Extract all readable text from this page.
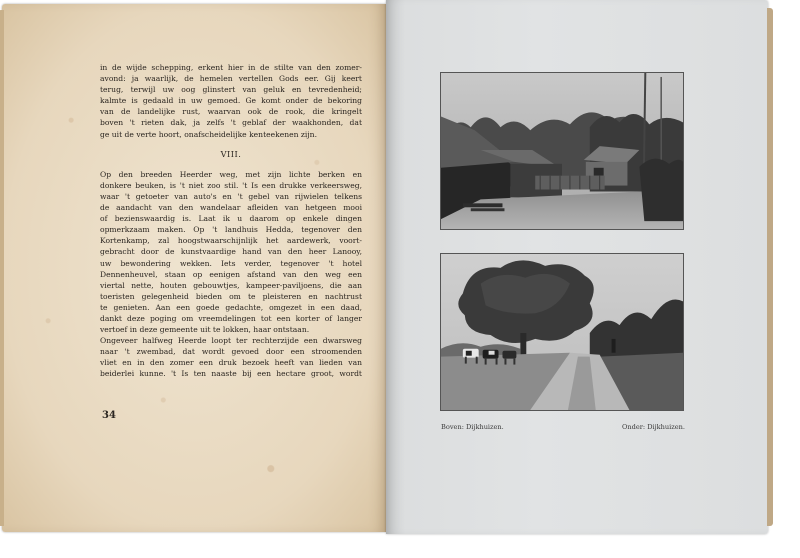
in de wijde schepping, erkent hier in de stilte van den zomer-

avond: ja waarlijk, de hemelen vertellen Gods eer. Gij keert

terug, terwijl uw oog glinstert van geluk en tevredenheid;

kalmte is gedaald in uw gemoed. Ge komt onder de bekoring

van de landelijke rust, waarvan ook de rook, die kringelt

boven 't rieten dak, ja zelfs 't geblaf der waakhonden, dat

ge uit de verte hoort, onafscheidelijke kenteekenen zijn.

VIII.

Op den breeden Heerder weg, met zijn lichte berken en

donkere beuken, is 't niet zoo stil. 't Is een drukke verkeersweg,

waar 't getoeter van auto's en 't gebel van rijwielen telkens

de aandacht van den wandelaar afleiden van hetgeen mooi

of bezienswaardig is. Laat ik u daarom op enkele dingen

opmerkzaam maken. Op 't landhuis Hedda, tegenover den

Kortenkamp, zal hoogstwaarschijnlijk het aardewerk, voort-

gebracht door de kunstvaardige hand van den heer Lanooy,

uw bewondering wekken. Iets verder, tegenover 't hotel

Dennenheuvel, staan op eenigen afstand van den weg een

viertal nette, houten gebouwtjes, kampeer-paviljoens, die aan

toeristen gelegenheid bieden om te pleisteren en nachtrust

te genieten. Aan een goede gedachte, omgezet in een daad,

dankt deze poging om vreemdelingen tot een korter of langer

vertoef in deze gemeente uit te lokken, haar ontstaan.

Ongeveer halfweg Heerde loopt ter rechterzijde een dwarsweg

naar 't zwembad, dat wordt gevoed door een stroomenden

vliet en in den zomer een druk bezoek heeft van lieden van

beiderlei kunne. 't Is ten naaste bij een hectare groot, wordt

34
Boven: Dijkhuizen.	Onder: Dijkhuizen.
